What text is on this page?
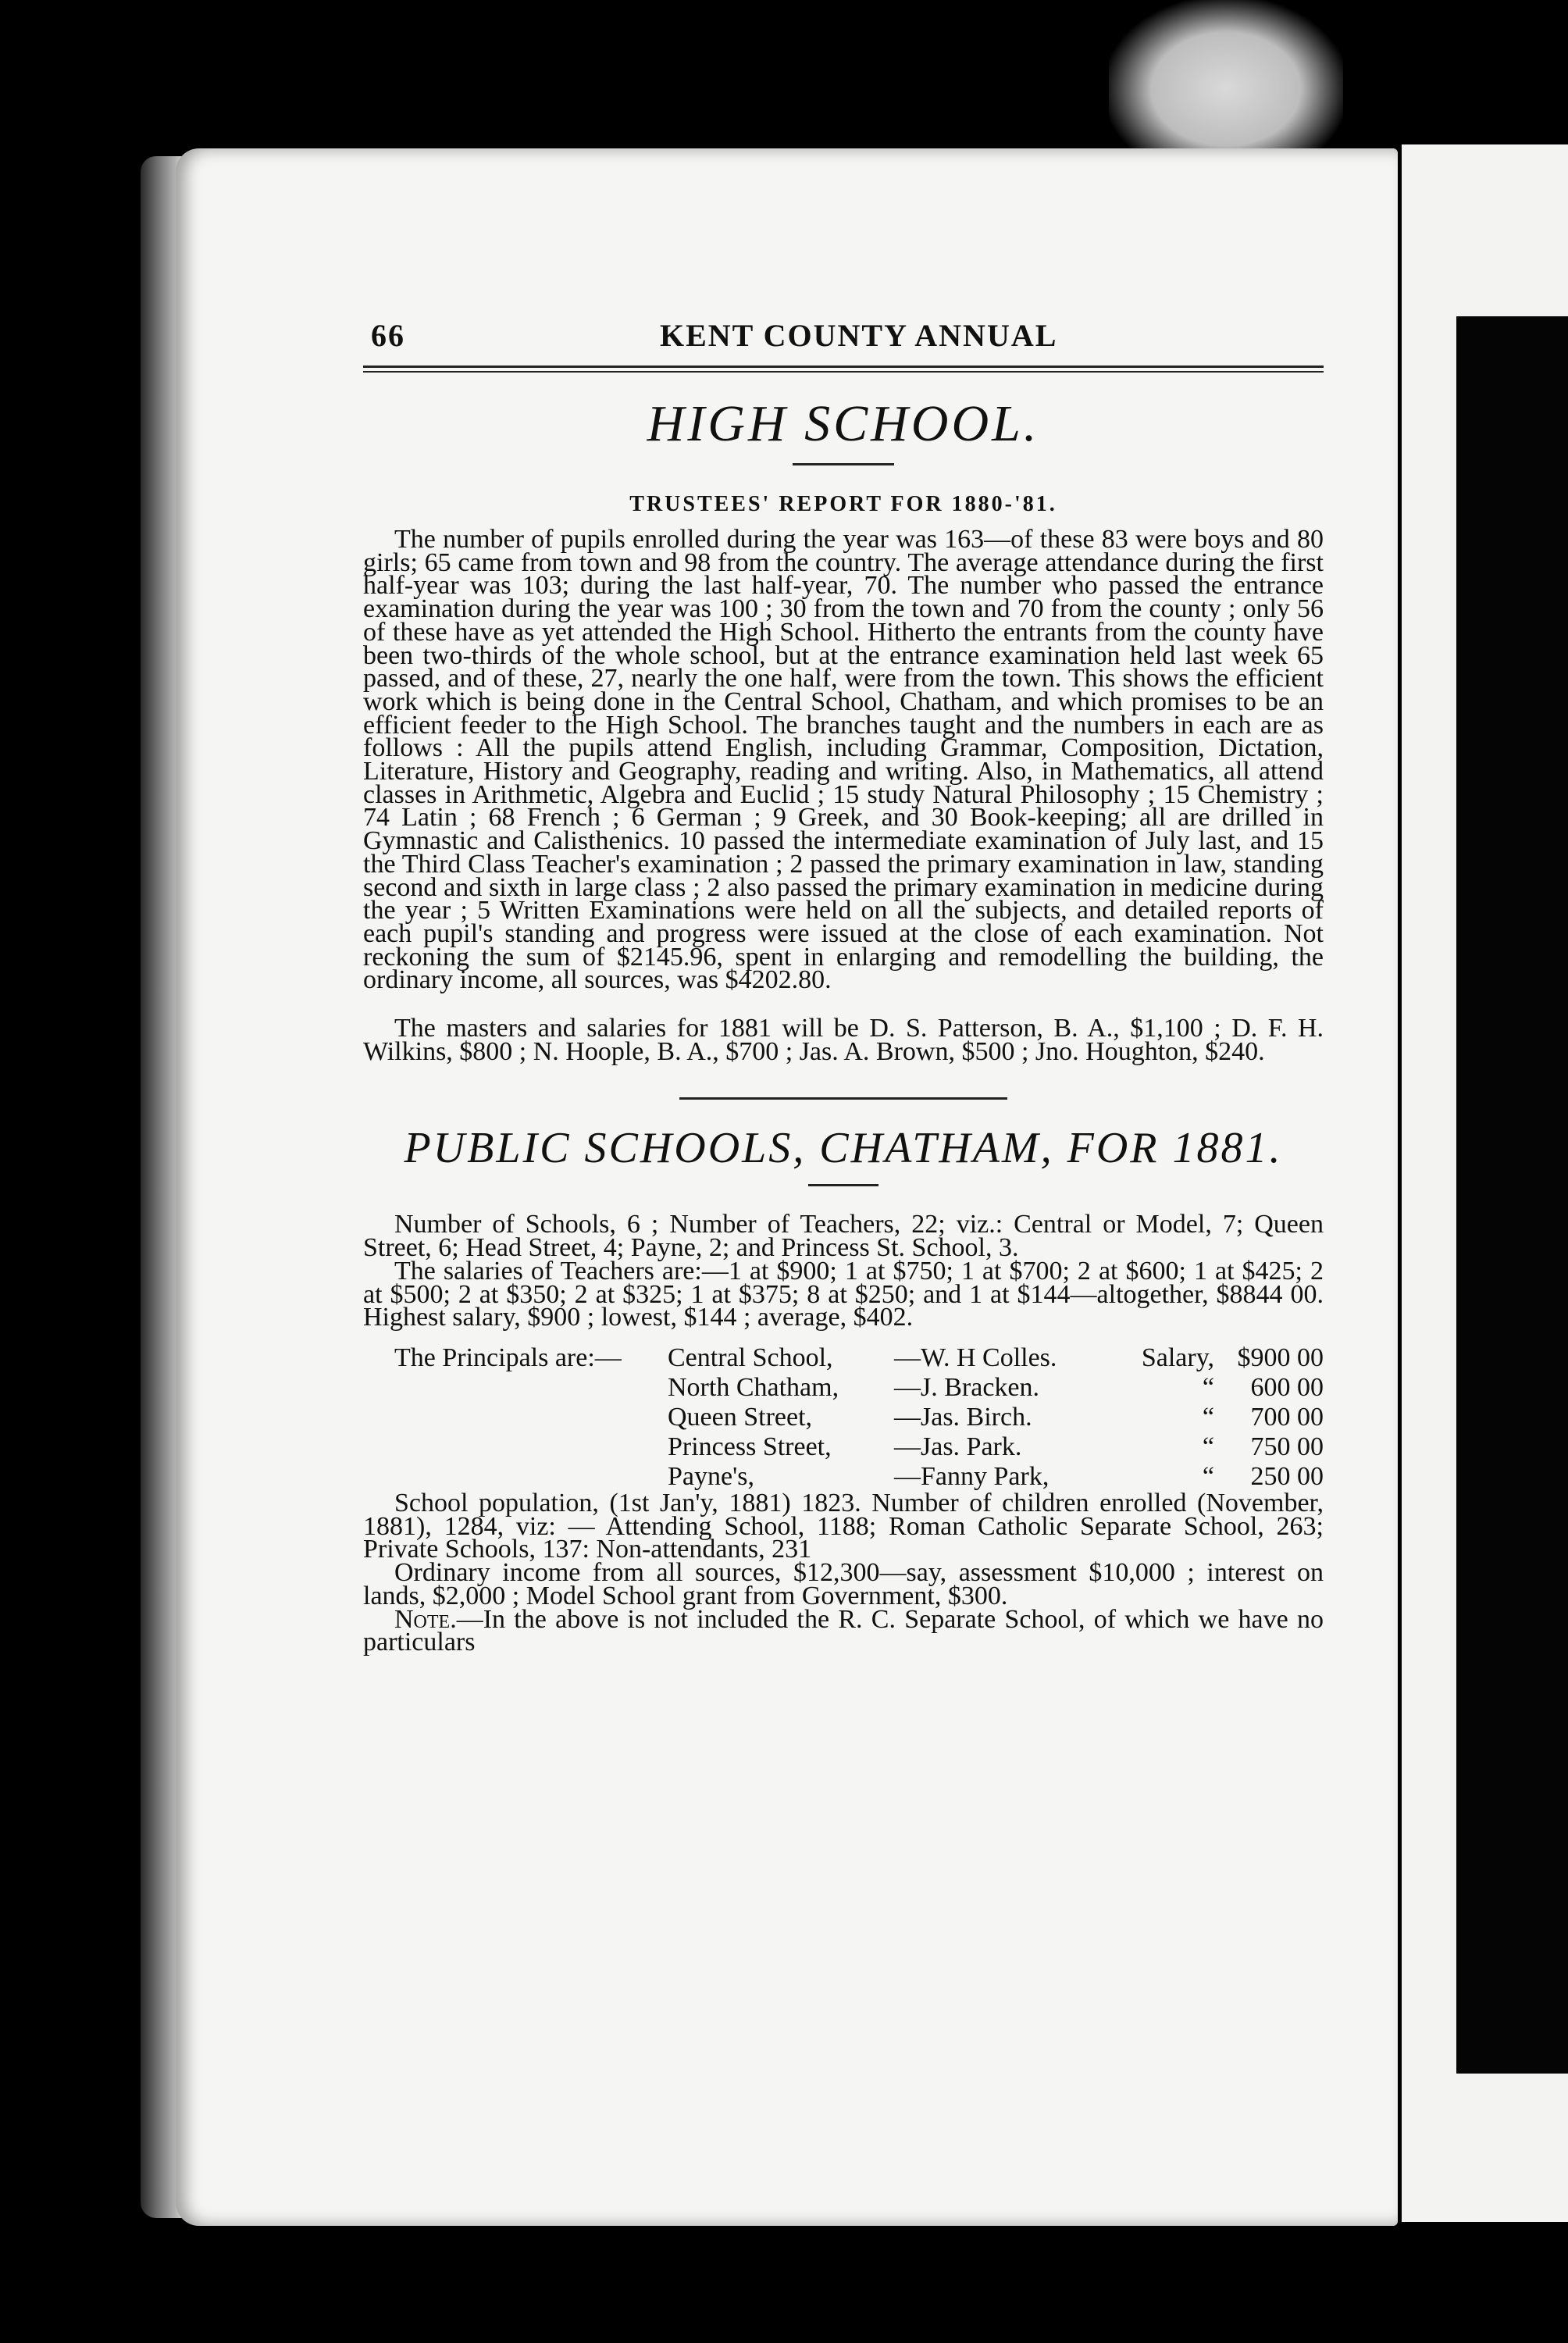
66	KENT COUNTY ANNUAL
HIGH SCHOOL.
TRUSTEES' REPORT FOR 1880-'81.

The number of pupils enrolled during the year was 163—of these 83 were boys and 80 girls; 65 came from town and 98 from the country. The average attendance during the first half-year was 103; during the last half-year, 70. The number who passed the entrance examination during the year was 100 ; 30 from the town and 70 from the county ; only 56 of these have as yet attended the High School. Hitherto the entrants from the county have been two-thirds of the whole school, but at the entrance examination held last week 65 passed, and of these, 27, nearly the one half, were from the town. This shows the efficient work which is being done in the Central School, Chatham, and which promises to be an efficient feeder to the High School. The branches taught and the numbers in each are as follows : All the pupils attend English, including Grammar, Composition, Dictation, Literature, History and Geography, reading and writing. Also, in Mathematics, all attend classes in Arithmetic, Algebra and Euclid ; 15 study Natural Philosophy ; 15 Chemistry ; 74 Latin ; 68 French ; 6 German ; 9 Greek, and 30 Book-keeping; all are drilled in Gymnastic and Calisthenics. 10 passed the intermediate examination of July last, and 15 the Third Class Teacher's examination ; 2 passed the primary examination in law, standing second and sixth in large class ; 2 also passed the primary examination in medicine during the year ; 5 Written Examinations were held on all the subjects, and detailed reports of each pupil's standing and progress were issued at the close of each examination. Not reckoning the sum of $2145.96, spent in enlarging and remodelling the building, the ordinary income, all sources, was $4202.80.

The masters and salaries for 1881 will be D. S. Patterson, B. A., $1,100 ; D. F. H. Wilkins, $800 ; N. Hoople, B. A., $700 ; Jas. A. Brown, $500 ; Jno. Houghton, $240.

PUBLIC SCHOOLS, CHATHAM, FOR 1881.

Number of Schools, 6 ; Number of Teachers, 22; viz.: Central or Model, 7; Queen Street, 6; Head Street, 4; Payne, 2; and Princess St. School, 3.

The salaries of Teachers are:—1 at $900; 1 at $750; 1 at $700; 2 at $600; 1 at $425; 2 at $500; 2 at $350; 2 at $325; 1 at $375; 8 at $250; and 1 at $144—altogether, $8844 00. Highest salary, $900 ; lowest, $144 ; average, $402.

The Principals are:—	Central School,	—W. H Colles.	Salary,	$900 00
	North Chatham,	—J. Bracken.	“	600 00
	Queen Street,	—Jas. Birch.	“	700 00
	Princess Street,	—Jas. Park.	“	750 00
	Payne's,	—Fanny Park,	“	250 00

School population, (1st Jan'y, 1881) 1823. Number of children enrolled (November, 1881), 1284, viz: — Attending School, 1188; Roman Catholic Separate School, 263; Private Schools, 137: Non-attendants, 231

Ordinary income from all sources, $12,300—say, assessment $10,000 ; interest on lands, $2,000 ; Model School grant from Government, $300.

Note.—In the above is not included the R. C. Separate School, of which we have no particulars
